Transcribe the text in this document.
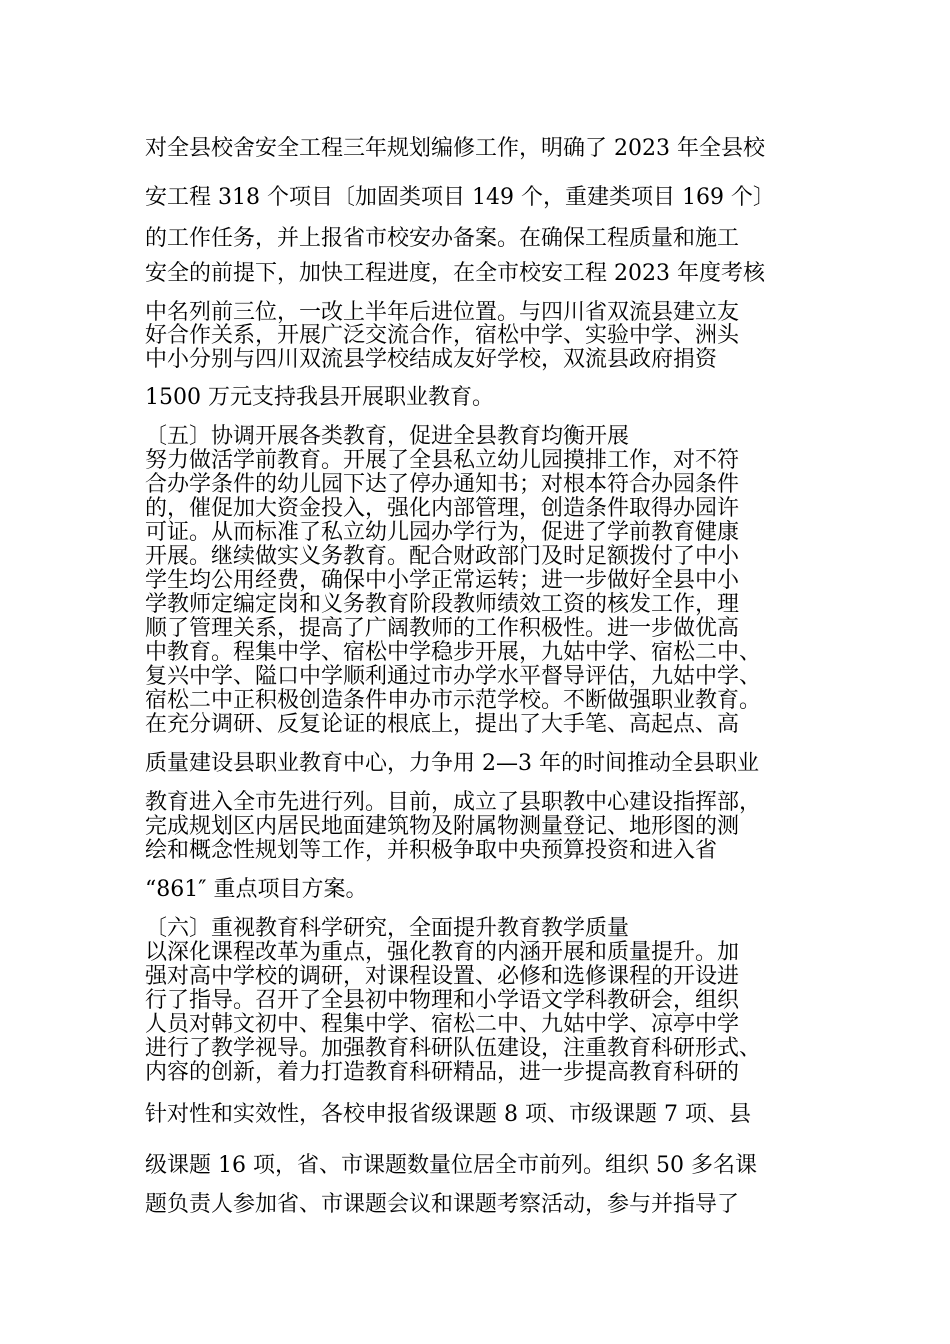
对全县校舍安全工程三年规划编修工作，明确了 2023 年全县校
安工程 318 个项目〔加固类项目 149 个，重建类项目 169 个〕
的工作任务，并上报省市校安办备案。在确保工程质量和施工
安全的前提下，加快工程进度，在全市校安工程 2023 年度考核
中名列前三位，一改上半年后进位置。与四川省双流县建立友
好合作关系，开展广泛交流合作，宿松中学、实验中学、洲头
中小分别与四川双流县学校结成友好学校，双流县政府捐资
1500 万元支持我县开展职业教育。
〔五〕协调开展各类教育，促进全县教育均衡开展
努力做活学前教育。开展了全县私立幼儿园摸排工作，对不符
合办学条件的幼儿园下达了停办通知书；对根本符合办园条件
的，催促加大资金投入，强化内部管理，创造条件取得办园许
可证。从而标准了私立幼儿园办学行为，促进了学前教育健康
开展。继续做实义务教育。配合财政部门及时足额拨付了中小
学生均公用经费，确保中小学正常运转；进一步做好全县中小
学教师定编定岗和义务教育阶段教师绩效工资的核发工作，理
顺了管理关系，提高了广阔教师的工作积极性。进一步做优高
中教育。程集中学、宿松中学稳步开展，九姑中学、宿松二中、
复兴中学、隘口中学顺利通过市办学水平督导评估，九姑中学、
宿松二中正积极创造条件申办市示范学校。不断做强职业教育。
在充分调研、反复论证的根底上，提出了大手笔、高起点、高
质量建设县职业教育中心，力争用 2—3 年的时间推动全县职业
教育进入全市先进行列。目前，成立了县职教中心建设指挥部，
完成规划区内居民地面建筑物及附属物测量登记、地形图的测
绘和概念性规划等工作，并积极争取中央预算投资和进入省
“861″ 重点项目方案。
〔六〕重视教育科学研究，全面提升教育教学质量
以深化课程改革为重点，强化教育的内涵开展和质量提升。加
强对高中学校的调研，对课程设置、必修和选修课程的开设进
行了指导。召开了全县初中物理和小学语文学科教研会，组织
人员对韩文初中、程集中学、宿松二中、九姑中学、凉亭中学
进行了教学视导。加强教育科研队伍建设，注重教育科研形式、
内容的创新，着力打造教育科研精品，进一步提高教育科研的
针对性和实效性，各校申报省级课题 8 项、市级课题 7 项、县
级课题 16 项，省、市课题数量位居全市前列。组织 50 多名课
题负责人参加省、市课题会议和课题考察活动，参与并指导了
